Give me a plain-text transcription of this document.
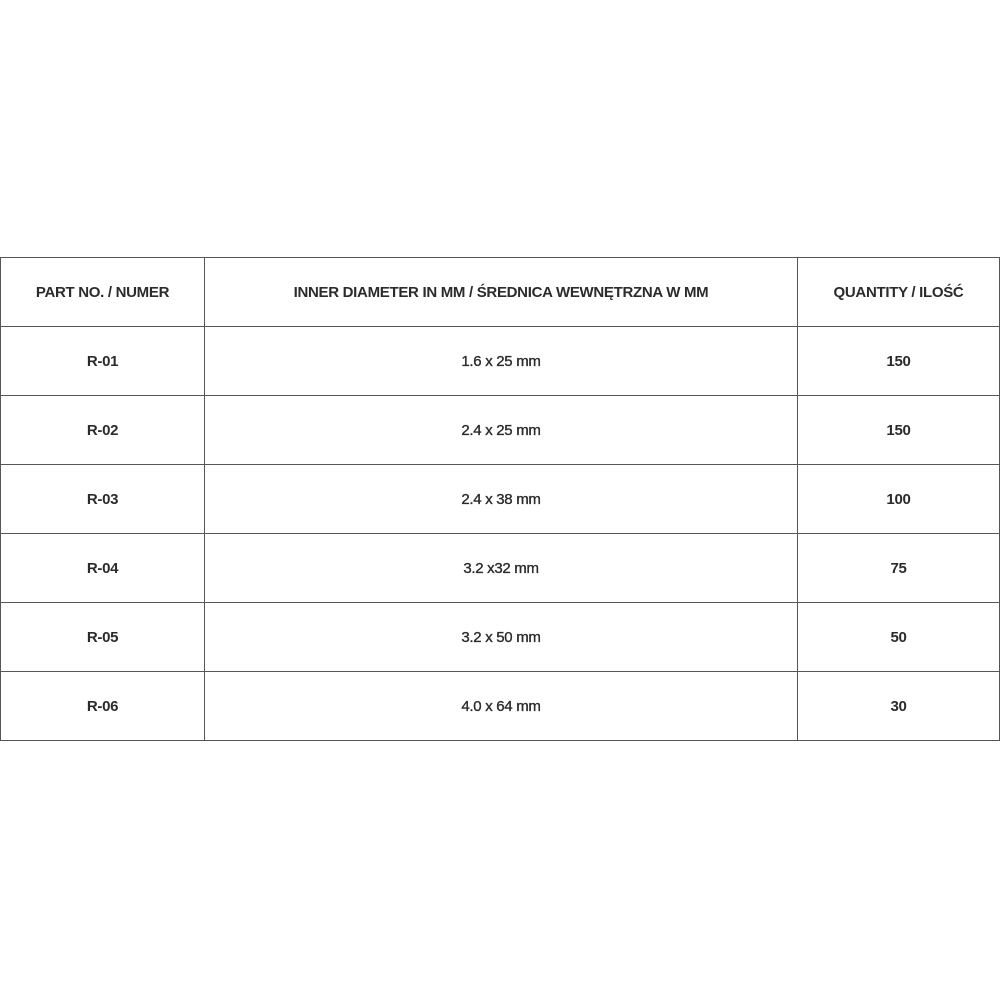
PART NO. / NUMER	INNER DIAMETER IN MM / ŚREDNICA WEWNĘTRZNA W MM	QUANTITY / ILOŚĆ
R-01	1.6 x 25 mm	150
R-02	2.4 x 25 mm	150
R-03	2.4 x 38 mm	100
R-04	3.2 x32 mm	75
R-05	3.2 x 50 mm	50
R-06	4.0 x 64 mm	30
